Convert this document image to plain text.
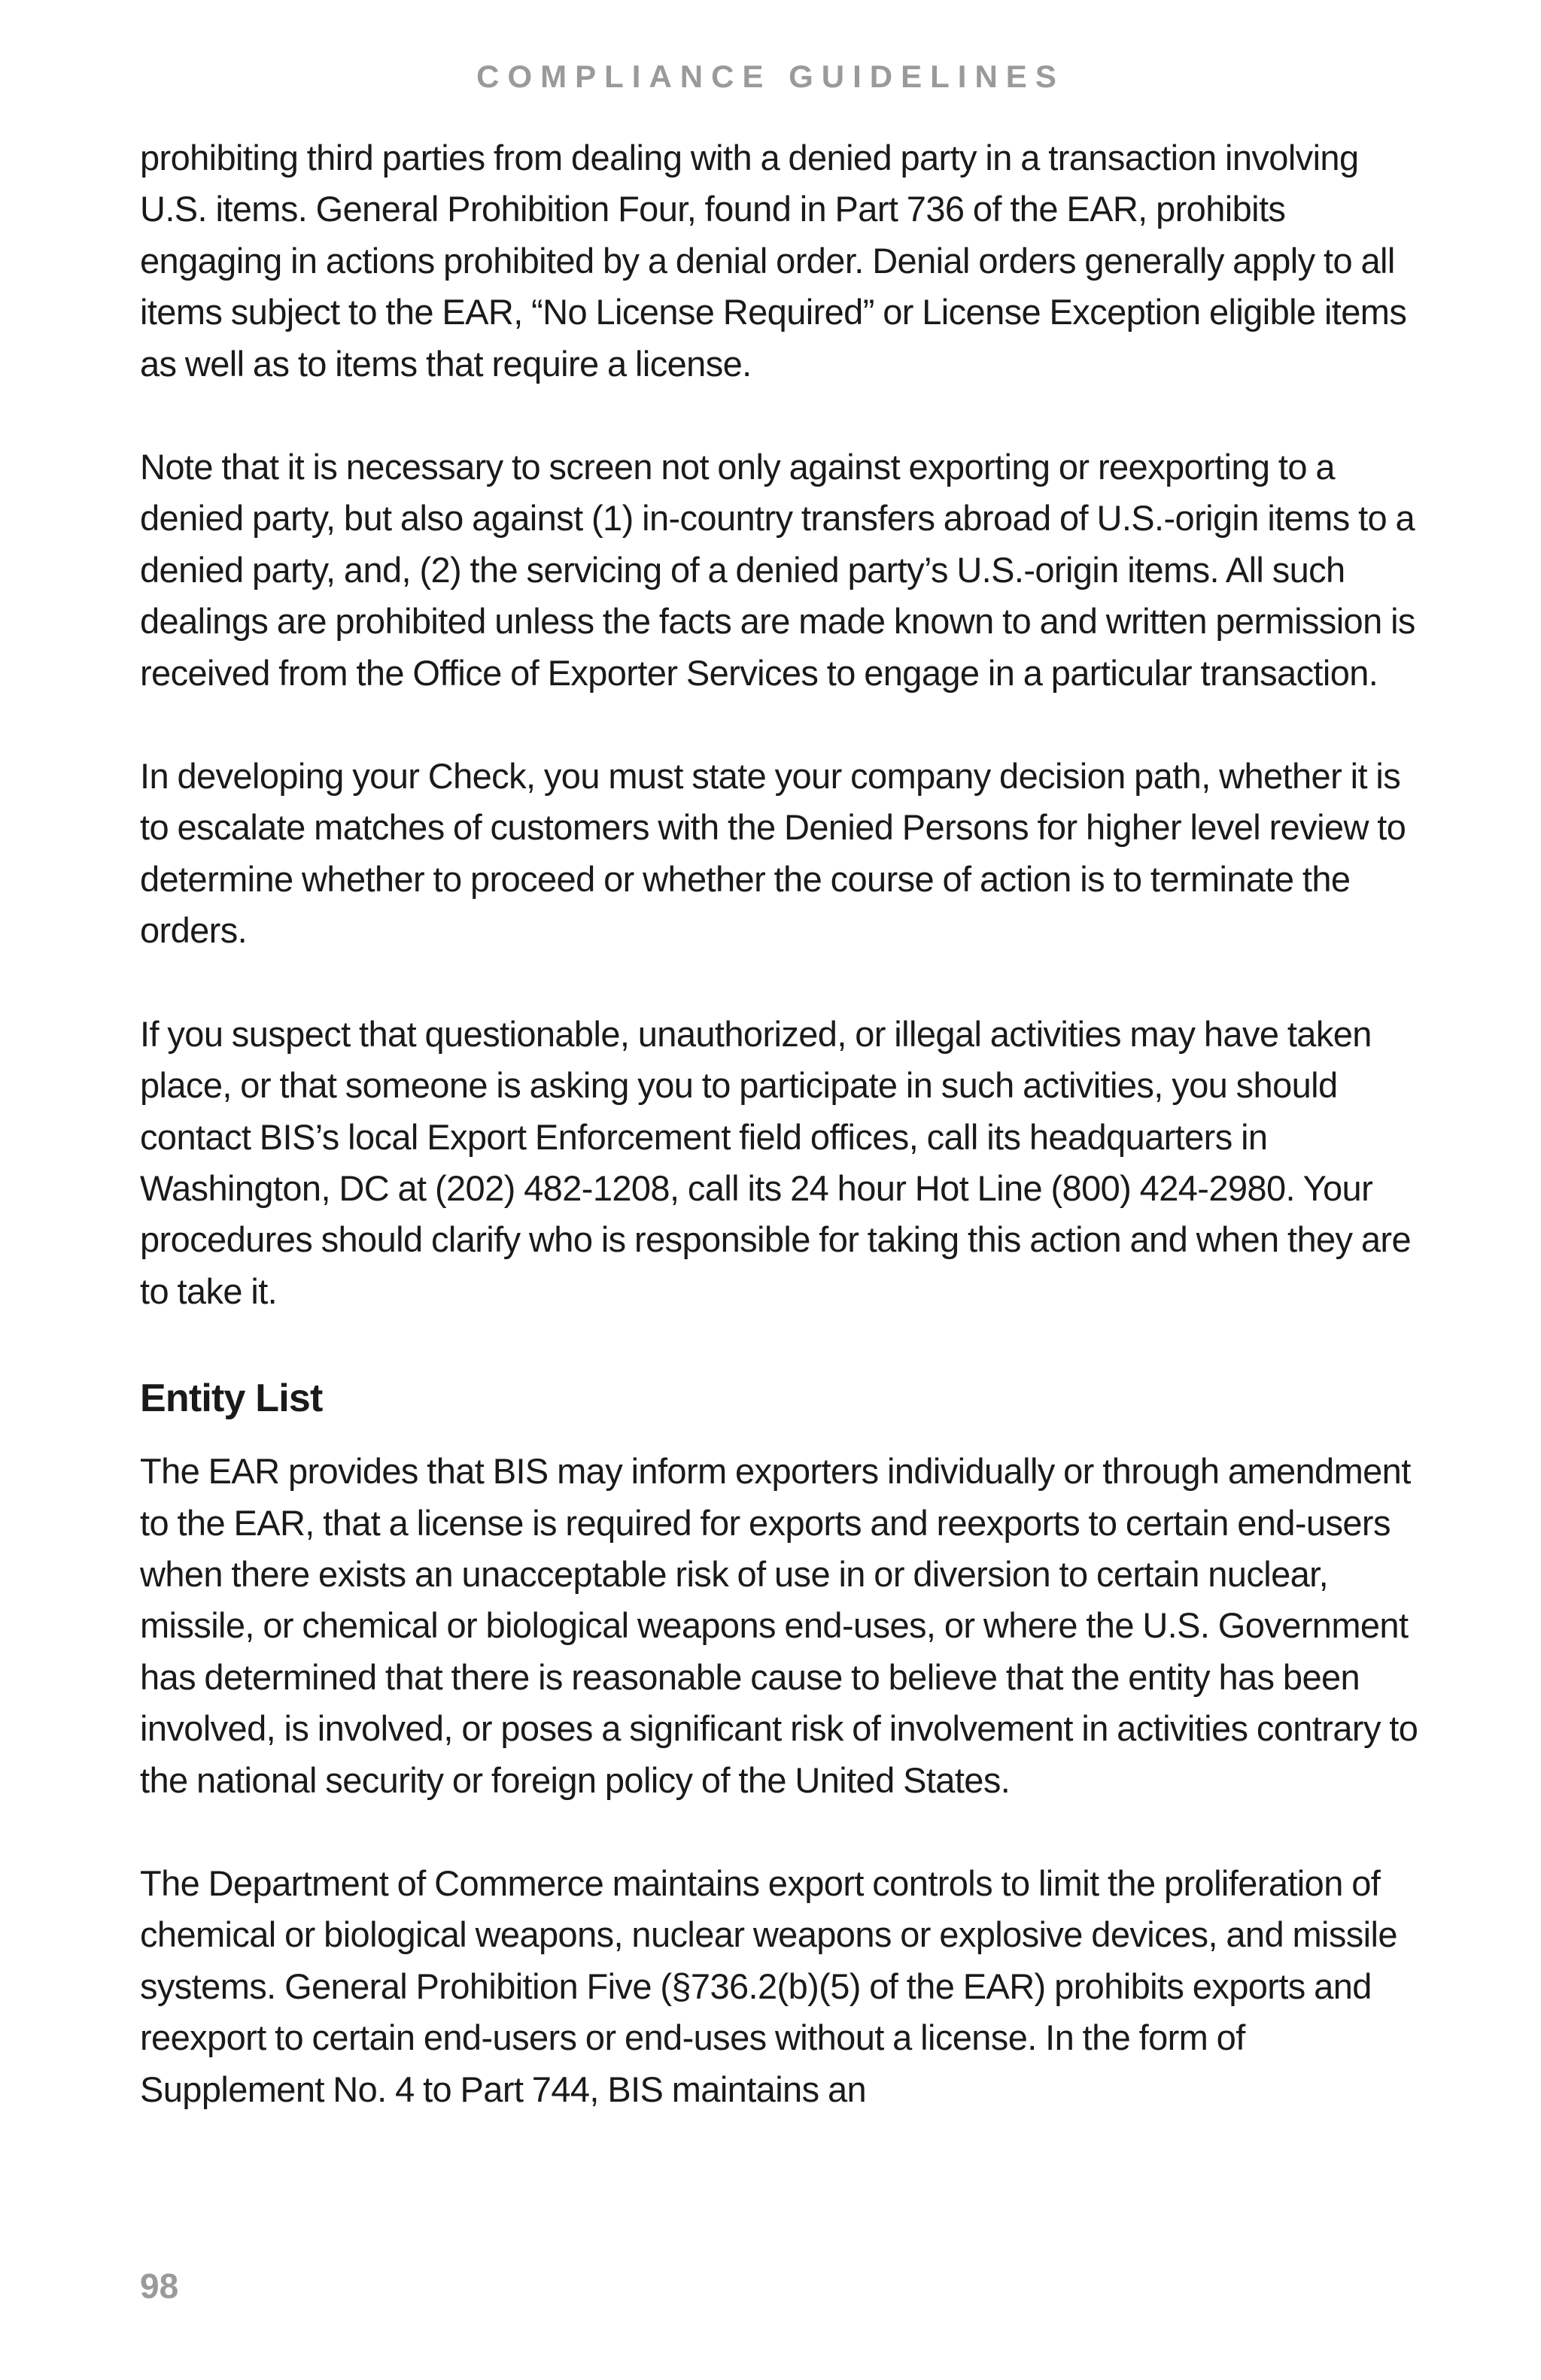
COMPLIANCE GUIDELINES

prohibiting third parties from dealing with a denied party in a transaction involving U.S. items. General Prohibition Four, found in Part 736 of the EAR, prohibits engaging in actions prohibited by a denial order. Denial orders generally apply to all items subject to the EAR, “No License Required” or License Exception eligible items as well as to items that require a license.

Note that it is necessary to screen not only against exporting or reexporting to a denied party, but also against (1) in-country transfers abroad of U.S.-origin items to a denied party, and, (2) the servicing of a denied party’s U.S.-origin items. All such dealings are prohibited unless the facts are made known to and written permission is received from the Office of Exporter Services to engage in a particular transaction.

In developing your Check, you must state your company decision path, whether it is to escalate matches of customers with the Denied Persons for higher level review to determine whether to proceed or whether the course of action is to terminate the orders.

If you suspect that questionable, unauthorized, or illegal activities may have taken place, or that someone is asking you to participate in such activities, you should contact BIS’s local Export Enforcement field offices, call its headquarters in Washington, DC at (202) 482-1208, call its 24 hour Hot Line (800) 424-2980. Your procedures should clarify who is responsible for taking this action and when they are to take it.

Entity List

The EAR provides that BIS may inform exporters individually or through amendment to the EAR, that a license is required for exports and reexports to certain end-users when there exists an unacceptable risk of use in or diversion to certain nuclear, missile, or chemical or biological weapons end-uses, or where the U.S. Government has determined that there is reasonable cause to believe that the entity has been involved, is involved, or poses a significant risk of involvement in activities contrary to the national security or foreign policy of the United States.

The Department of Commerce maintains export controls to limit the proliferation of chemical or biological weapons, nuclear weapons or explosive devices, and missile systems. General Prohibition Five (§736.2(b)(5) of the EAR) prohibits exports and reexport to certain end-users or end-uses without a license. In the form of Supplement No. 4 to Part 744, BIS maintains an

98
